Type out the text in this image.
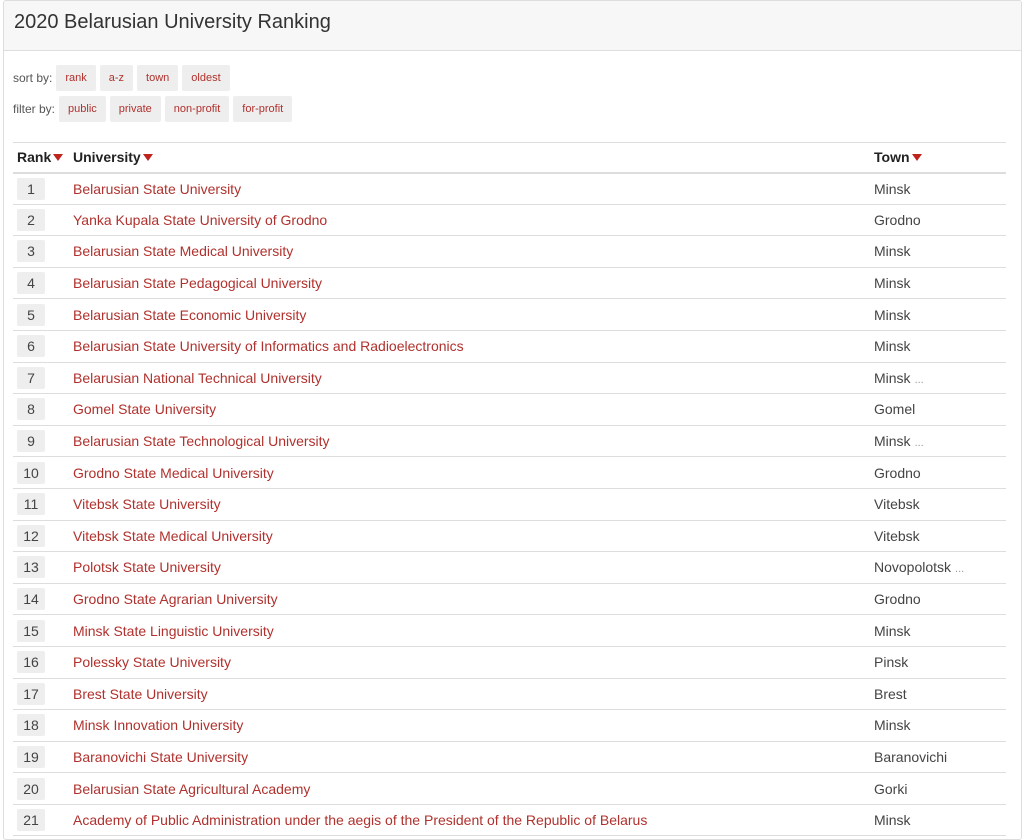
2020 Belarusian University Ranking
sort by:	rank	a-z	town	oldest
filter by:	public	private	non-profit	for-profit
Rank	University	Town

1	Belarusian State University	Minsk
2	Yanka Kupala State University of Grodno	Grodno
3	Belarusian State Medical University	Minsk
4	Belarusian State Pedagogical University	Minsk
5	Belarusian State Economic University	Minsk
6	Belarusian State University of Informatics and Radioelectronics	Minsk
7	Belarusian National Technical University	Minsk ...
8	Gomel State University	Gomel
9	Belarusian State Technological University	Minsk ...
10	Grodno State Medical University	Grodno
11	Vitebsk State University	Vitebsk
12	Vitebsk State Medical University	Vitebsk
13	Polotsk State University	Novopolotsk ...
14	Grodno State Agrarian University	Grodno
15	Minsk State Linguistic University	Minsk
16	Polessky State University	Pinsk
17	Brest State University	Brest
18	Minsk Innovation University	Minsk
19	Baranovichi State University	Baranovichi
20	Belarusian State Agricultural Academy	Gorki
21	Academy of Public Administration under the aegis of the President of the Republic of Belarus	Minsk
